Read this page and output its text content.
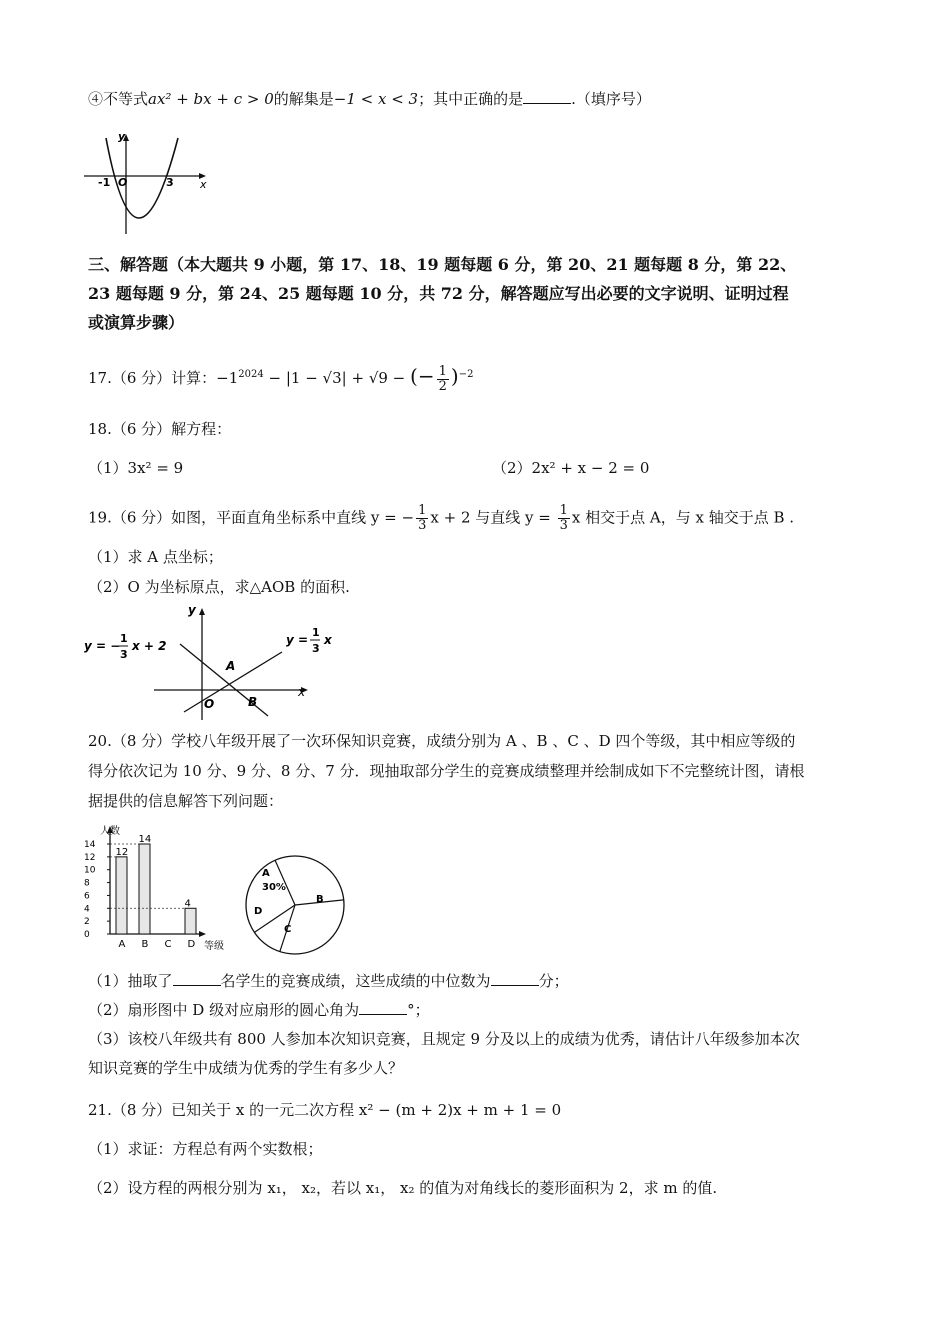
④不等式ax² + bx + c > 0的解集是−1 < x < 3；其中正确的是	.（填序号）
y
x
-1 O	3
三、解答题（本大题共 9 小题，第 17、18、19 题每题 6 分，第 20、21 题每题 8 分，第 22、
23 题每题 9 分，第 24、25 题每题 10 分，共 72 分，解答题应写出必要的文字说明、证明过程
或演算步骤）
17.（6 分）计算：$-1^{2024} - |1 - √3| + √9$ − (− $\frac{1}{2} )^{-2}$
18.（6 分）解方程：
（1）3x² = 9	（2）2x² + x − 2 = 0
19.（6 分）如图，平面直角坐标系中直线 y = − $\frac{1}{3}$ x + 2 与直线 $y = \frac{1}{3}$ x 相交于点 A，与 x 轴交于点 B .
（1）求 A 点坐标；
（2）O 为坐标原点，求△AOB 的面积.
y
x
A
O	B
y = −
1
3
x + 2	y =
1
3
x
20.（8 分）学校八年级开展了一次环保知识竞赛，成绩分别为 A 、B 、C 、D 四个等级，其中相应等级的
得分依次记为 10 分、9 分、8 分、7 分．现抽取部分学生的竞赛成绩整理并绘制成如下不完整统计图，请根
据提供的信息解答下列问题：
人数
等级
0
2
4
6
8
10
12
14
A B C D
12
14
4
A
B
C
D
30%
（1）抽取了	名学生的竞赛成绩，这些成绩的中位数为	分；
（2）扇形图中 D 级对应扇形的圆心角为	°；
（3）该校八年级共有 800 人参加本次知识竞赛，且规定 9 分及以上的成绩为优秀，请估计八年级参加本次
知识竞赛的学生中成绩为优秀的学生有多少人？
21.（8 分）已知关于 x 的一元二次方程 x² − (m + 2)x + m + 1 = 0
（1）求证：方程总有两个实数根；
（2）设方程的两根分别为 x₁， x₂，若以 x₁， x₂ 的值为对角线长的菱形面积为 2，求 m 的值.
